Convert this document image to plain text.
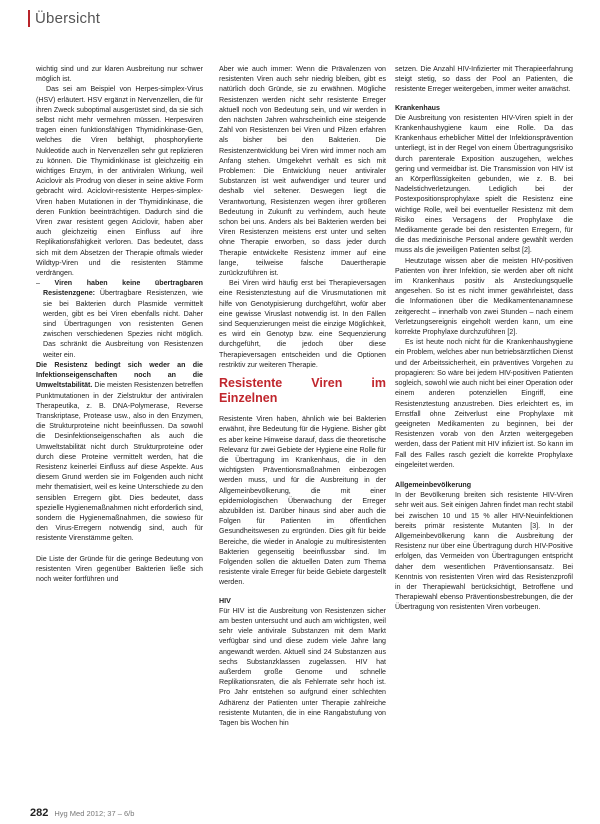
Übersicht

wichtig sind und zur klaren Ausbreitung nur schwer möglich ist.

Das sei am Beispiel von Herpes-simplex-Virus (HSV) erläutert. HSV ergänzt in Nervenzellen, die für ihren Zweck suboptimal ausgerüstet sind, da sie sich selbst nicht mehr vermehren müssen. Herpesviren tragen einen funktionsfähigen Thymidinkinase-Gen, welches die Viren befähigt, phosphorylierte Nukleotide auch in Nervenzellen sehr gut replizieren zu können. Die Thymidinkinase ist gleichzeitig ein wichtiges Enzym, in der antiviralen Wirkung, weil Aciclovir als Prodrug von dieser in seine aktive Form gebracht wird. Aciclovir-resistente Herpes-simplex-Viren haben Mutationen in der Thymidinkinase, die deren Funktion beeinträchtigen. Dadurch sind die Viren zwar resistent gegen Aciclovir, haben aber auch gleichzeitig einen Einfluss auf ihre Replikationsfähigkeit verloren. Das bedeutet, dass sich mit dem Absetzen der Therapie oftmals wieder Wildtyp-Viren und die resistenten Stämme verdrängen.

– Viren haben keine übertragbaren Resistenzgene: Übertragbare Resistenzen, wie sie bei Bakterien durch Plasmide vermittelt werden, gibt es bei Viren ebenfalls nicht. Daher sind Übertragungen von resistenten Genen zwischen verschiedenen Spezies nicht möglich. Das schränkt die Ausbreitung von Resistenzen weiter ein.

Die Resistenz bedingt sich weder an die Infektionseigenschaften noch an die Umweltstabilität. Die meisten Resistenzen betreffen Punktmutationen in der Zielstruktur der antiviralen Therapeutika, z. B. DNA-Polymerase, Reverse Transkriptase, Protease usw., also in den Enzymen, die Strukturproteine nicht beeinflussen. Da sowohl die Desinfektionseigenschaften als auch die Umweltstabilität nicht durch Strukturproteine oder durch diese Proteine vermittelt werden, hat die Resistenz keinerlei Einfluss auf diese Aspekte. Aus diesem Grund werden sie im Folgenden auch nicht mehr thematisiert, weil es keine Unterschiede zu den sensiblen Erregern gibt. Dies bedeutet, dass spezielle Hygienemaßnahmen nicht erforderlich sind, sondern die Hygienemaßnahmen, die sowieso für den Virus-Erregern notwendig sind, auch für resistente Virenstämme gelten.

Die Liste der Gründe für die geringe Bedeutung von resistenten Viren gegenüber Bakterien ließe sich noch weiter fortführen und

Aber wie auch immer: Wenn die Prävalenzen von resistenten Viren auch sehr niedrig bleiben, gibt es natürlich doch Gründe, sie zu erwähnen. Mögliche Resistenzen werden nicht sehr resistente Erreger aktuell noch von Bedeutung sein, und wir werden in den nächsten Jahren wahrscheinlich eine steigende Zahl von Resistenzen bei Viren und Pilzen erfahren als bisher bei den Bakterien. Die Resistenzentwicklung bei Viren wird immer noch am Anfang stehen. Umgekehrt verhält es sich mit Problemen: Die Entwicklung neuer antiviraler Substanzen ist weit aufwendiger und teurer und deshalb viel seltener. Deswegen liegt die Verantwortung, Resistenzen wegen ihrer größeren Bedeutung in Zukunft zu verhindern, auch heute schon bei uns. Anders als bei Bakterien werden bei Viren Resistenzen meistens erst unter und selten ohne Therapie erworben, so dass jeder durch Therapie entwickelte Resistenz immer auf eine lange, teilweise falsche Dauertherapie zurückzuführen ist.

Bei Viren wird häufig erst bei Therapieversagen eine Resistenztestung auf die Virusmutationen mit hilfe von Genotypisierung durchgeführt, wofür aber eine gewisse Viruslast notwendig ist. In den Fällen sind Sequenzierungen meist die einzige Möglichkeit, es wird ein Genotyp bzw. eine Sequenzierung durchgeführt, die jedoch über diese Therapieversagen entscheiden und die Optionen restriktiv zur weiteren Therapie.

Resistente Viren im Einzelnen

Resistente Viren haben, ähnlich wie bei Bakterien erwähnt, ihre Bedeutung für die Hygiene. Bisher gibt es aber keine Hinweise darauf, dass die theoretische Relevanz für zwei Gebiete der Hygiene eine Rolle für die Übertragung im Krankenhaus, die in den wichtigsten Präventionsmaßnahmen einbezogen werden muss, und für die Ausbreitung in der Allgemeinbevölkerung, die mit einer epidemiologischen Überwachung der Erreger abzubilden ist. Darüber hinaus sind aber auch die Folgen für Patienten im öffentlichen Gesundheitswesen zu ergründen. Dies gilt für beide Bereiche, die wieder in Analogie zu multiresistenten Bakterien gegenseitig beeinflussbar sind. Im Folgenden sollen die aktuellen Daten zum Thema resistente virale Erreger für beide Gebiete dargestellt werden.

HIV

Für HIV ist die Ausbreitung von Resistenzen sicher am besten untersucht und auch am wichtigsten, weil sehr viele antivirale Substanzen mit dem Markt verfügbar sind und diese zudem viele Jahre lang angewandt werden. Aktuell sind 24 Substanzen aus sechs Substanzklassen zugelassen. HIV hat außerdem große Genome und schnelle Replikationsraten, die als Fehlerrate sehr hoch ist. Pro Jahr entstehen so aufgrund einer schlechten Adhärenz der Patienten unter Therapie zahlreiche resistente Mutanten, die in eine Rangabstufung von Tagen bis Wochen hin

setzen. Die Anzahl HIV-Infizierter mit Therapieerfahrung steigt stetig, so dass der Pool an Patienten, die resistente Erreger weitergeben, immer weiter anwächst.

Krankenhaus

Die Ausbreitung von resistenten HIV-Viren spielt in der Krankenhaushygiene kaum eine Rolle. Da das Krankenhaus erheblicher Mittel der Infektionsprävention unterliegt, ist in der Regel von einem Übertragungsrisiko durch parenterale Exposition auszugehen, welches gering und vermeidbar ist. Die Transmission von HIV ist an Körperflüssigkeiten gebunden, wie z. B. bei Nadelstichverletzungen. Lediglich bei der Postexpositionsprophylaxe spielt die Resistenz eine wichtige Rolle, weil bei eventueller Resistenz mit dem Risiko eines Versagens der Prophylaxe die Medikamente gerade bei den resistenten Erregern, für die das medizinische Personal andere gewählt werden muss als die jeweiligen Patienten selbst [2].

Heutzutage wissen aber die meisten HIV-positiven Patienten von ihrer Infektion, sie werden aber oft nicht im Krankenhaus positiv als Ansteckungsquelle angesehen. So ist es nicht immer gewährleistet, dass die Informationen über die Medikamentenanamnese zeitgerecht – innerhalb von zwei Stunden – nach einem Verletzungsereignis eingeholt werden kann, um eine korrekte Prophylaxe durchzuführen [2].

Es ist heute noch nicht für die Krankenhaushygiene ein Problem, welches aber nun betriebsärztlichen Dienst und der Arbeitssicherheit, ein präventives Vorgehen zu propagieren: So wäre bei jedem HIV-positiven Patienten sogleich, sowohl wie auch nicht bei einer Operation oder einem anderen potenziellen Eingriff, eine Resistenztestung anzustreben. Dies erleichtert es, im Ernstfall ohne Zeitverlust eine Prophylaxe mit geeigneten Medikamenten zu beginnen, bei der Resistenzen vorab von den Ärzten weitergegeben werden, dass der Patient mit HIV infiziert ist. So kann im Fall des Falles rasch gezielt die korrekte Prophylaxe eingeleitet werden.

Allgemeinbevölkerung

In der Bevölkerung breiten sich resistente HIV-Viren sehr weit aus. Seit einigen Jahren findet man recht stabil bei zwischen 10 und 15 % aller HIV-Neuinfektionen bereits primär resistente Mutanten [3]. In der Allgemeinbevölkerung kann die Ausbreitung der Resistenz nur über eine Übertragung durch HIV-Positive erfolgen, das Vermeiden von Übertragungen entspricht daher dem wesentlichen Präventionsansatz. Bei Kenntnis von resistenten Viren wird das Resistenzprofil in der Therapiewahl berücksichtigt, Betroffene und Therapiewahl ebenso Präventionsbestrebungen, die der Übertragung von resistenten Viren vorbeugen.

282 Hyg Med 2012; 37 – 6/b
